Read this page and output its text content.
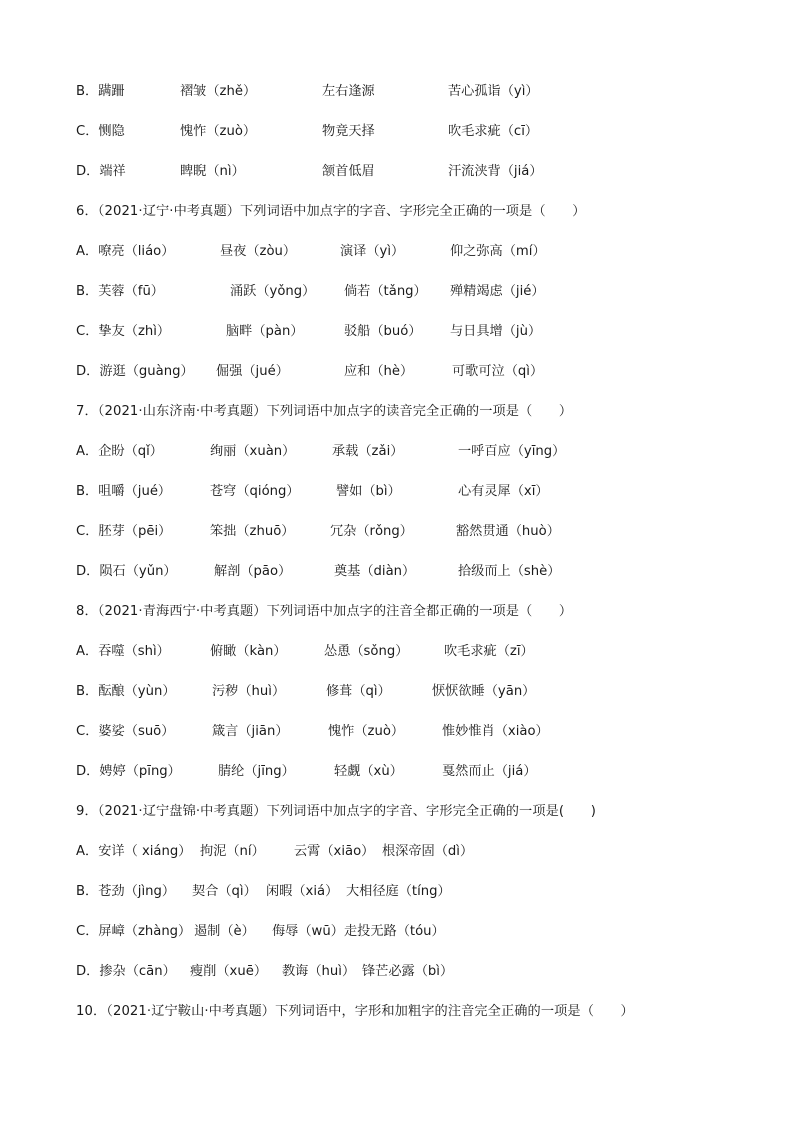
B．蹒跚	褶皱（zhě）	左右逢源	苦心孤诣（yì）
C．恻隐	愧怍（zuò）	物竟天择	吹毛求疵（cī）
D．端祥	睥睨（nì）	颔首低眉	汗流浃背（jiá）
6．（2021·辽宁·中考真题）下列词语中加点字的字音、字形完全正确的一项是（　　）
A．嘹亮（liáo）	昼夜（zòu）	演译（yì）	仰之弥高（mí）
B．芙蓉（fū）	涌跃（yǒng） 倘若（tǎng） 殚精竭虑（jié）
C．挚友（zhì）	脑畔（pàn）	驳船（buó） 与日具增（jù）
D．游逛（guàng） 倔强（jué）	应和（hè）	可歌可泣（qì）
7．（2021·山东济南·中考真题）下列词语中加点字的读音完全正确的一项是（　　）
A．企盼（qǐ）	绚丽（xuàn）	承载（zǎi）	一呼百应（yīng）
B．咀嚼（jué）	苍穹（qióng）	譬如（bì）	心有灵犀（xī）
C．胚芽（pēi）	笨拙（zhuō）	冗杂（rǒng）	豁然贯通（huò）
D．陨石（yǔn）	解剖（pāo）	奠基（diàn）	拾级而上（shè）
8．（2021·青海西宁·中考真题）下列词语中加点字的注音全都正确的一项是（　　）
A．吞噬（shì）	俯瞰（kàn）	怂恿（sǒng）	吹毛求疵（zī）
B．酝酿（yùn）	污秽（huì）	修葺（qì）	恹恹欲睡（yān）
C．婆娑（suō）	箴言（jiān）	愧怍（zuò）	惟妙惟肖（xiào）
D．娉婷（pīng）	腈纶（jīng）	轻觑（xù）	戛然而止（jiá）
9．（2021·辽宁盘锦·中考真题）下列词语中加点字的字音、字形完全正确的一项是(　　)
A．安详（ xiáng） 拘泥（ní） 云霄（xiāo） 根深帝固（dì）
B．苍劲（jìng） 契合（qì） 闲暇（xiá） 大相径庭（tíng）
C．屏嶂（zhàng） 遏制（è） 侮辱（wū） 走投无路（tóu）
D．掺杂（cān） 瘦削（xuē） 教诲（huì） 锋芒必露（bì）
10．（2021·辽宁鞍山·中考真题）下列词语中，字形和加粗字的注音完全正确的一项是（　　）
